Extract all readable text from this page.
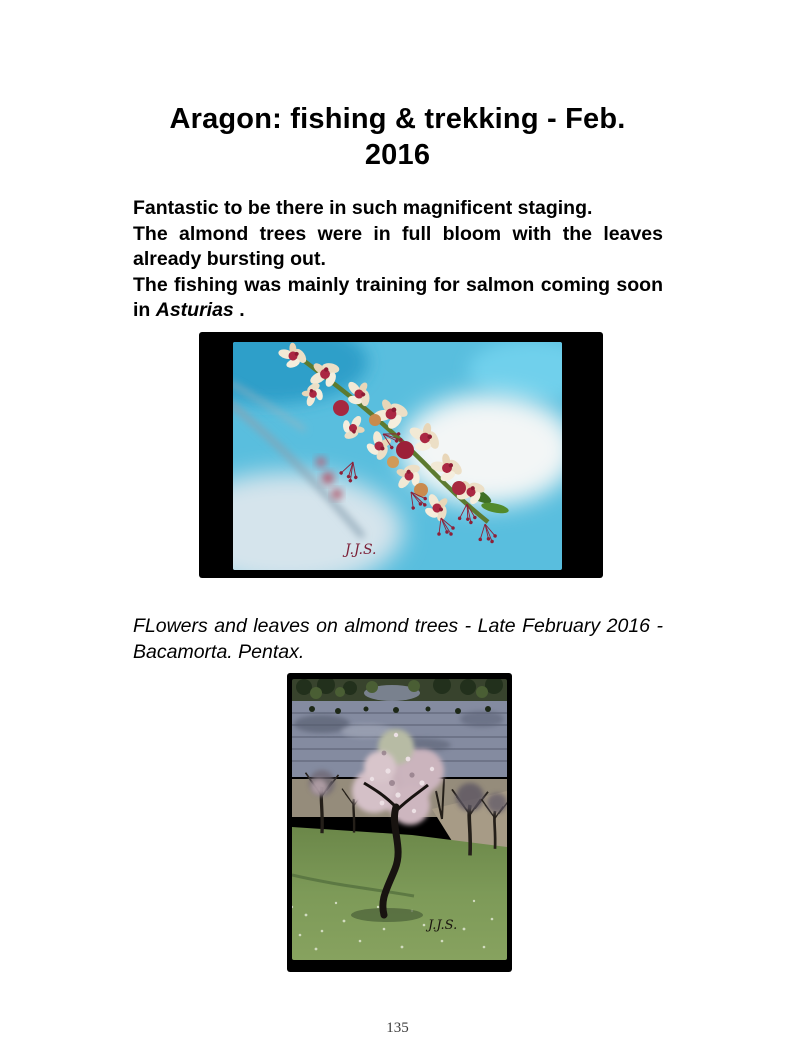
Aragon: fishing & trekking - Feb.
2016
Fantastic to be there in such magnificent staging.
The almond trees were in full bloom with the leaves
already bursting out.
The fishing was mainly training for salmon coming soon
in Asturias .
J.J.S.
FLowers and leaves on almond trees - Late February 2016 -
Bacamorta. Pentax.
J.J.S.
135
